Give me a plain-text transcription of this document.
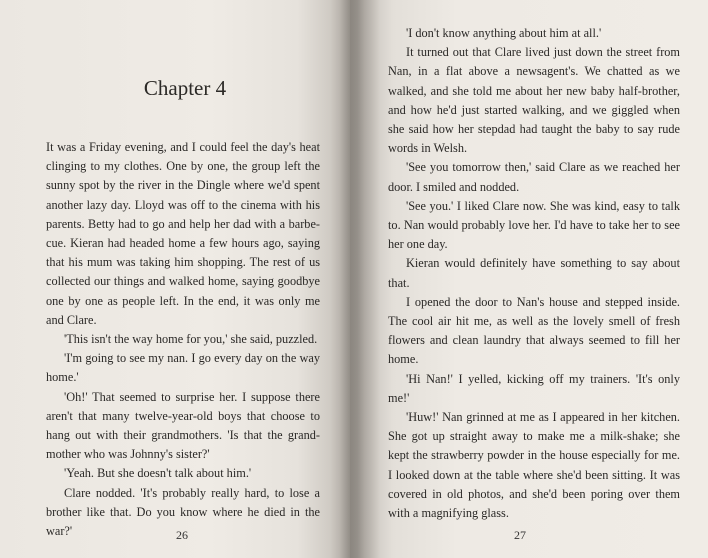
Chapter 4

It was a Friday evening, and I could feel the day's heat clinging to my clothes. One by one, the group left the sunny spot by the river in the Dingle where we'd spent another lazy day. Lloyd was off to the cinema with his parents. Betty had to go and help her dad with a barbe-cue. Kieran had headed home a few hours ago, saying that his mum was taking him shopping. The rest of us collected our things and walked home, saying goodbye one by one as people left. In the end, it was only me and Clare.

'This isn't the way home for you,' she said, puzzled.

'I'm going to see my nan. I go every day on the way home.'

'Oh!' That seemed to surprise her. I suppose there aren't that many twelve-year-old boys that choose to hang out with their grandmothers. 'Is that the grand-mother who was Johnny's sister?'

'Yeah. But she doesn't talk about him.'

Clare nodded. 'It's probably really hard, to lose a brother like that. Do you know where he died in the war?'	26

'I don't know anything about him at all.'

It turned out that Clare lived just down the street from Nan, in a flat above a newsagent's. We chatted as we walked, and she told me about her new baby half-brother, and how he'd just started walking, and we giggled when she said how her stepdad had taught the baby to say rude words in Welsh.

'See you tomorrow then,' said Clare as we reached her door. I smiled and nodded.

'See you.' I liked Clare now. She was kind, easy to talk to. Nan would probably love her. I'd have to take her to see her one day.

Kieran would definitely have something to say about that.

I opened the door to Nan's house and stepped inside. The cool air hit me, as well as the lovely smell of fresh flowers and clean laundry that always seemed to fill her home.

'Hi Nan!' I yelled, kicking off my trainers. 'It's only me!'

'Huw!' Nan grinned at me as I appeared in her kitchen. She got up straight away to make me a milk-shake; she kept the strawberry powder in the house especially for me. I looked down at the table where she'd been sitting. It was covered in old photos, and she'd been poring over them with a magnifying glass.

27
